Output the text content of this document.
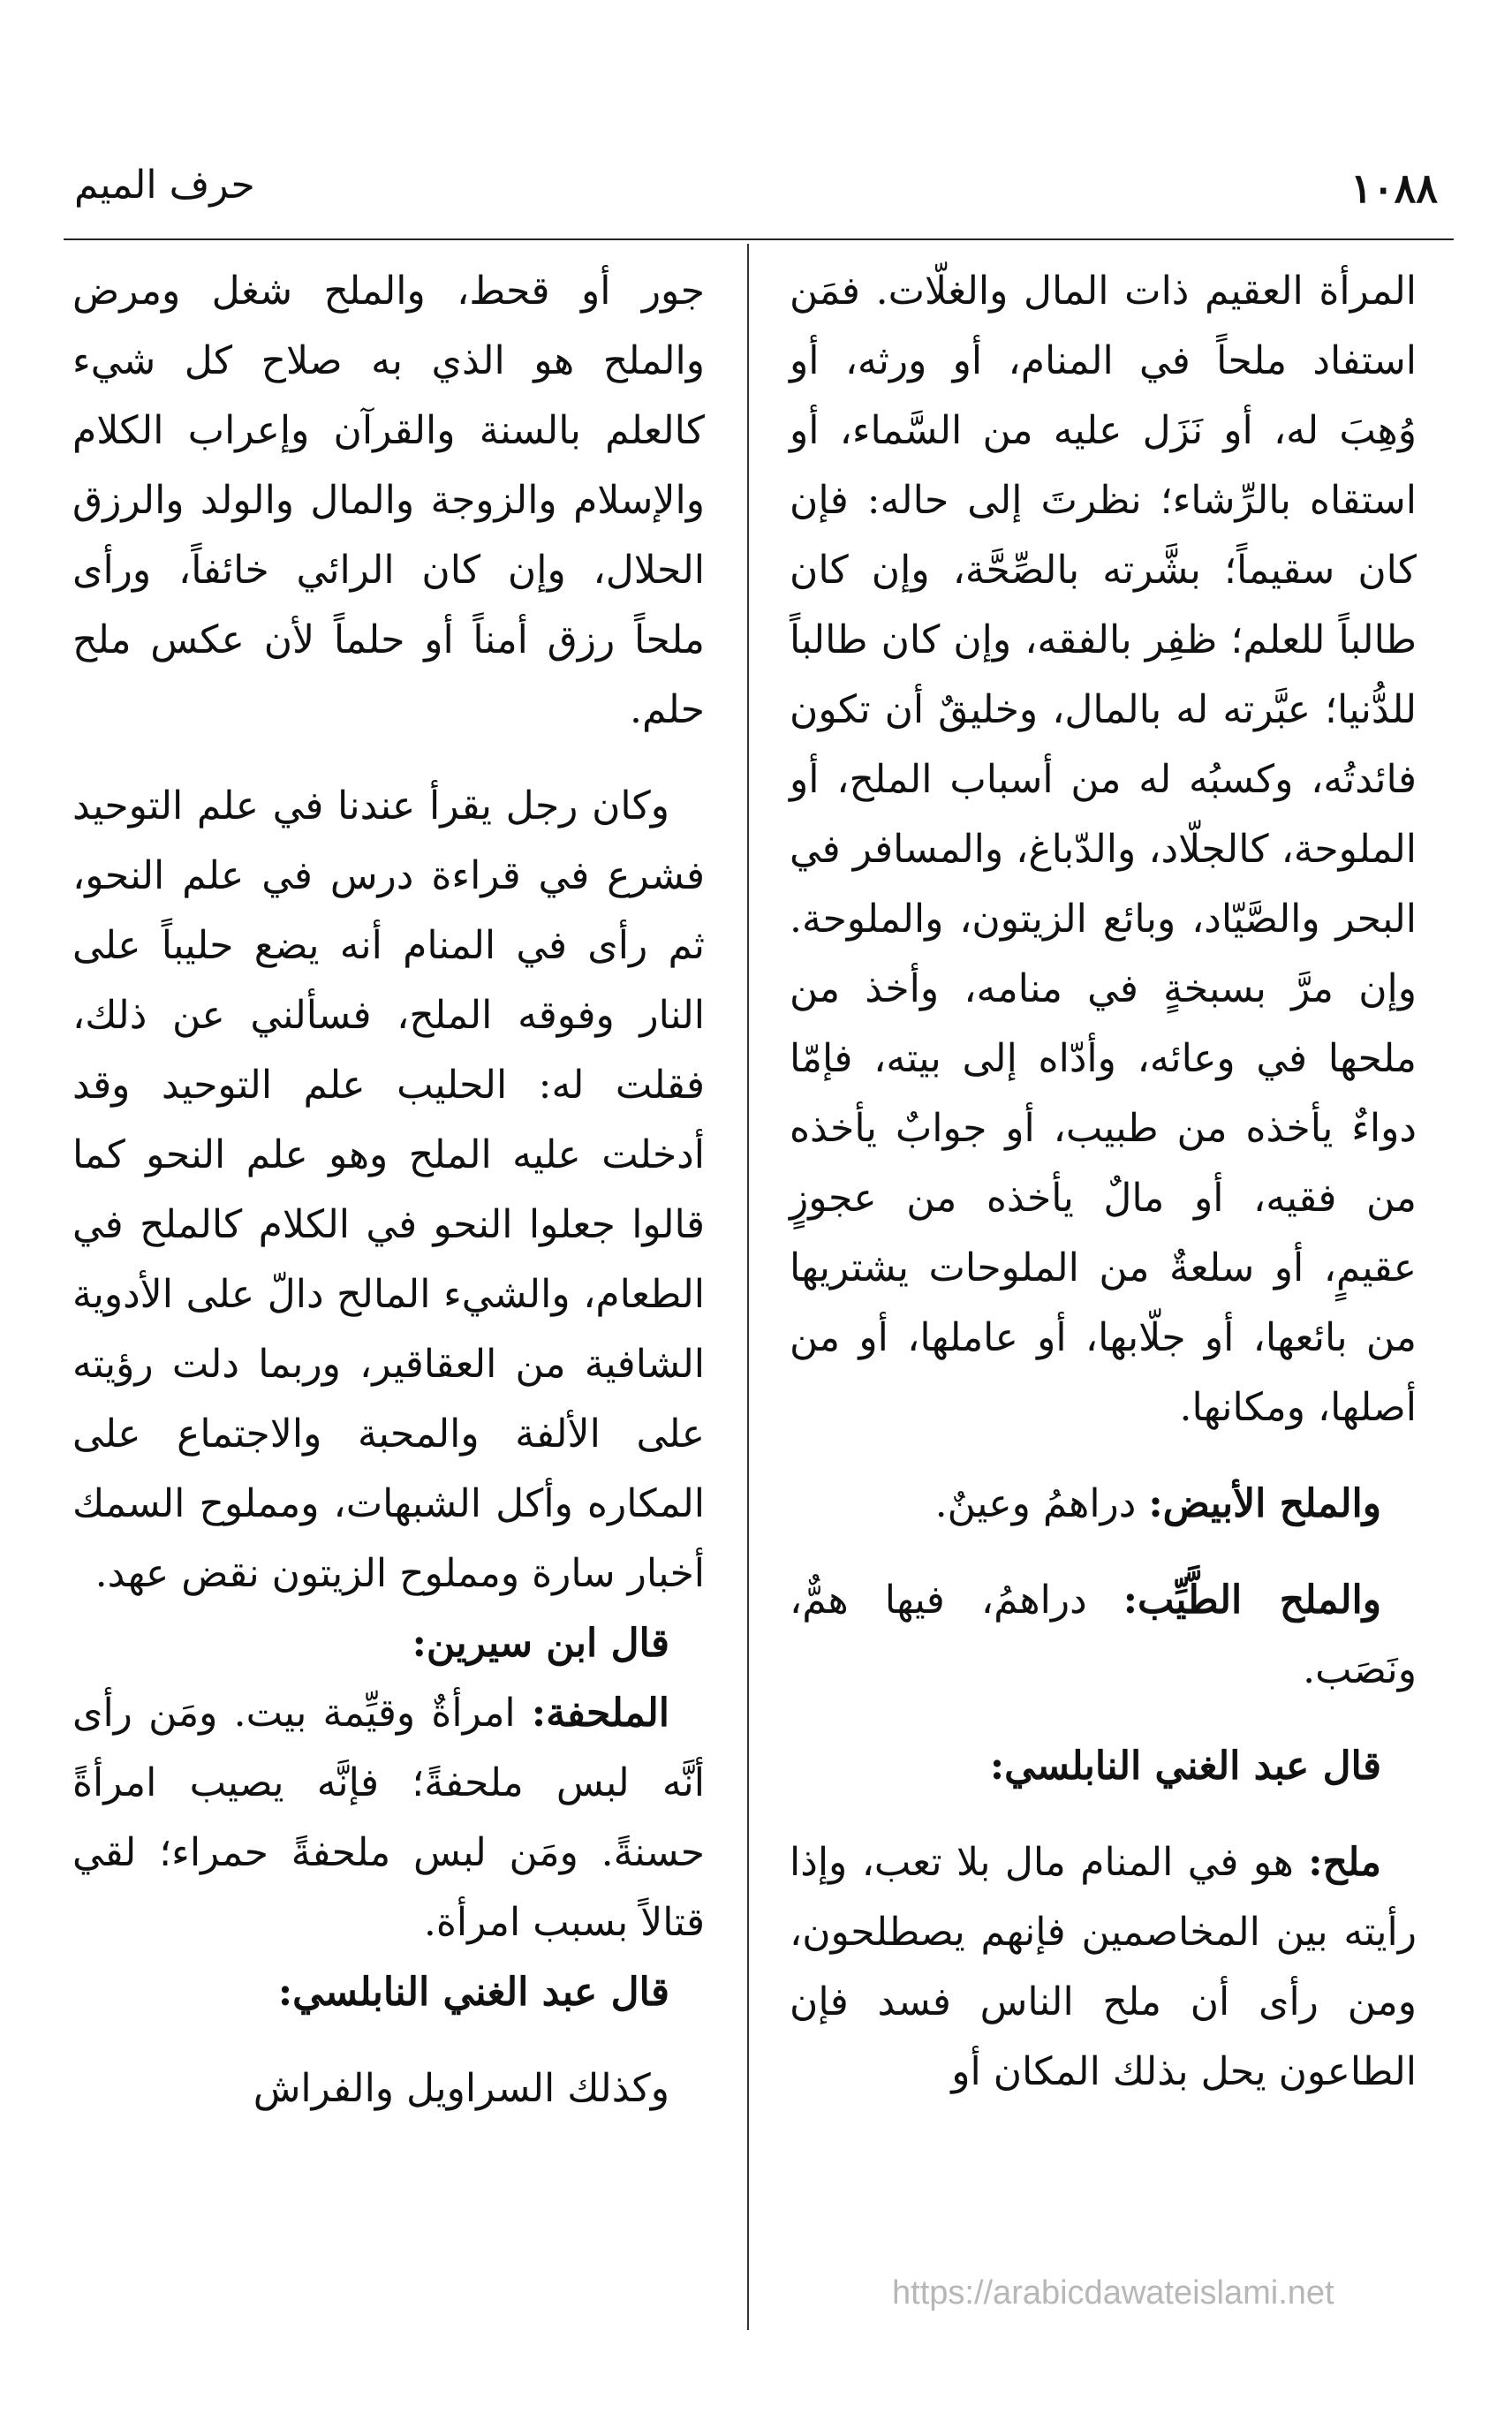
١٠٨٨
حرف الميم

المرأة العقيم ذات المال والغلّات. فمَن استفاد ملحاً في المنام، أو ورثه، أو وُهِبَ له، أو نَزَل عليه من السَّماء، أو استقاه بالرِّشاء؛ نظرتَ إلى حاله: فإن كان سقيماً؛ بشَّرته بالصِّحَّة، وإن كان طالباً للعلم؛ ظفِر بالفقه، وإن كان طالباً للدُّنيا؛ عبَّرته له بالمال، وخليقٌ أن تكون فائدتُه، وكسبُه له من أسباب الملح، أو الملوحة، كالجلّاد، والدّباغ، والمسافر في البحر والصَّيّاد، وبائع الزيتون، والملوحة. وإن مرَّ بسبخةٍ في منامه، وأخذ من ملحها في وعائه، وأدّاه إلى بيته، فإمّا دواءٌ يأخذه من طبيب، أو جوابٌ يأخذه من فقيه، أو مالٌ يأخذه من عجوزٍ عقيمٍ، أو سلعةٌ من الملوحات يشتريها من بائعها، أو جلّابها، أو عاملها، أو من أصلها، ومكانها.

والملح الأبيض: دراهمُ وعينٌ.

والملح الطَّيِّب: دراهمُ، فيها همٌّ، ونَصَب.

قال عبد الغني النابلسي:

ملح: هو في المنام مال بلا تعب، وإذا رأيته بين المخاصمين فإنهم يصطلحون، ومن رأى أن ملح الناس فسد فإن الطاعون يحل بذلك المكان أو

جور أو قحط، والملح شغل ومرض والملح هو الذي به صلاح كل شيء كالعلم بالسنة والقرآن وإعراب الكلام والإسلام والزوجة والمال والولد والرزق الحلال، وإن كان الرائي خائفاً، ورأى ملحاً رزق أمناً أو حلماً لأن عكس ملح حلم.

وكان رجل يقرأ عندنا في علم التوحيد فشرع في قراءة درس في علم النحو، ثم رأى في المنام أنه يضع حليباً على النار وفوقه الملح، فسألني عن ذلك، فقلت له: الحليب علم التوحيد وقد أدخلت عليه الملح وهو علم النحو كما قالوا جعلوا النحو في الكلام كالملح في الطعام، والشيء المالح دالّ على الأدوية الشافية من العقاقير، وربما دلت رؤيته على الألفة والمحبة والاجتماع على المكاره وأكل الشبهات، ومملوح السمك أخبار سارة ومملوح الزيتون نقض عهد.

قال ابن سيرين:

الملحفة: امرأةٌ وقيِّمة بيت. ومَن رأى أنَّه لبس ملحفةً؛ فإنَّه يصيب امرأةً حسنةً. ومَن لبس ملحفةً حمراء؛ لقي قتالاً بسبب امرأة.

قال عبد الغني النابلسي:

وكذلك السراويل والفراش

https://arabicdawateislami.net
